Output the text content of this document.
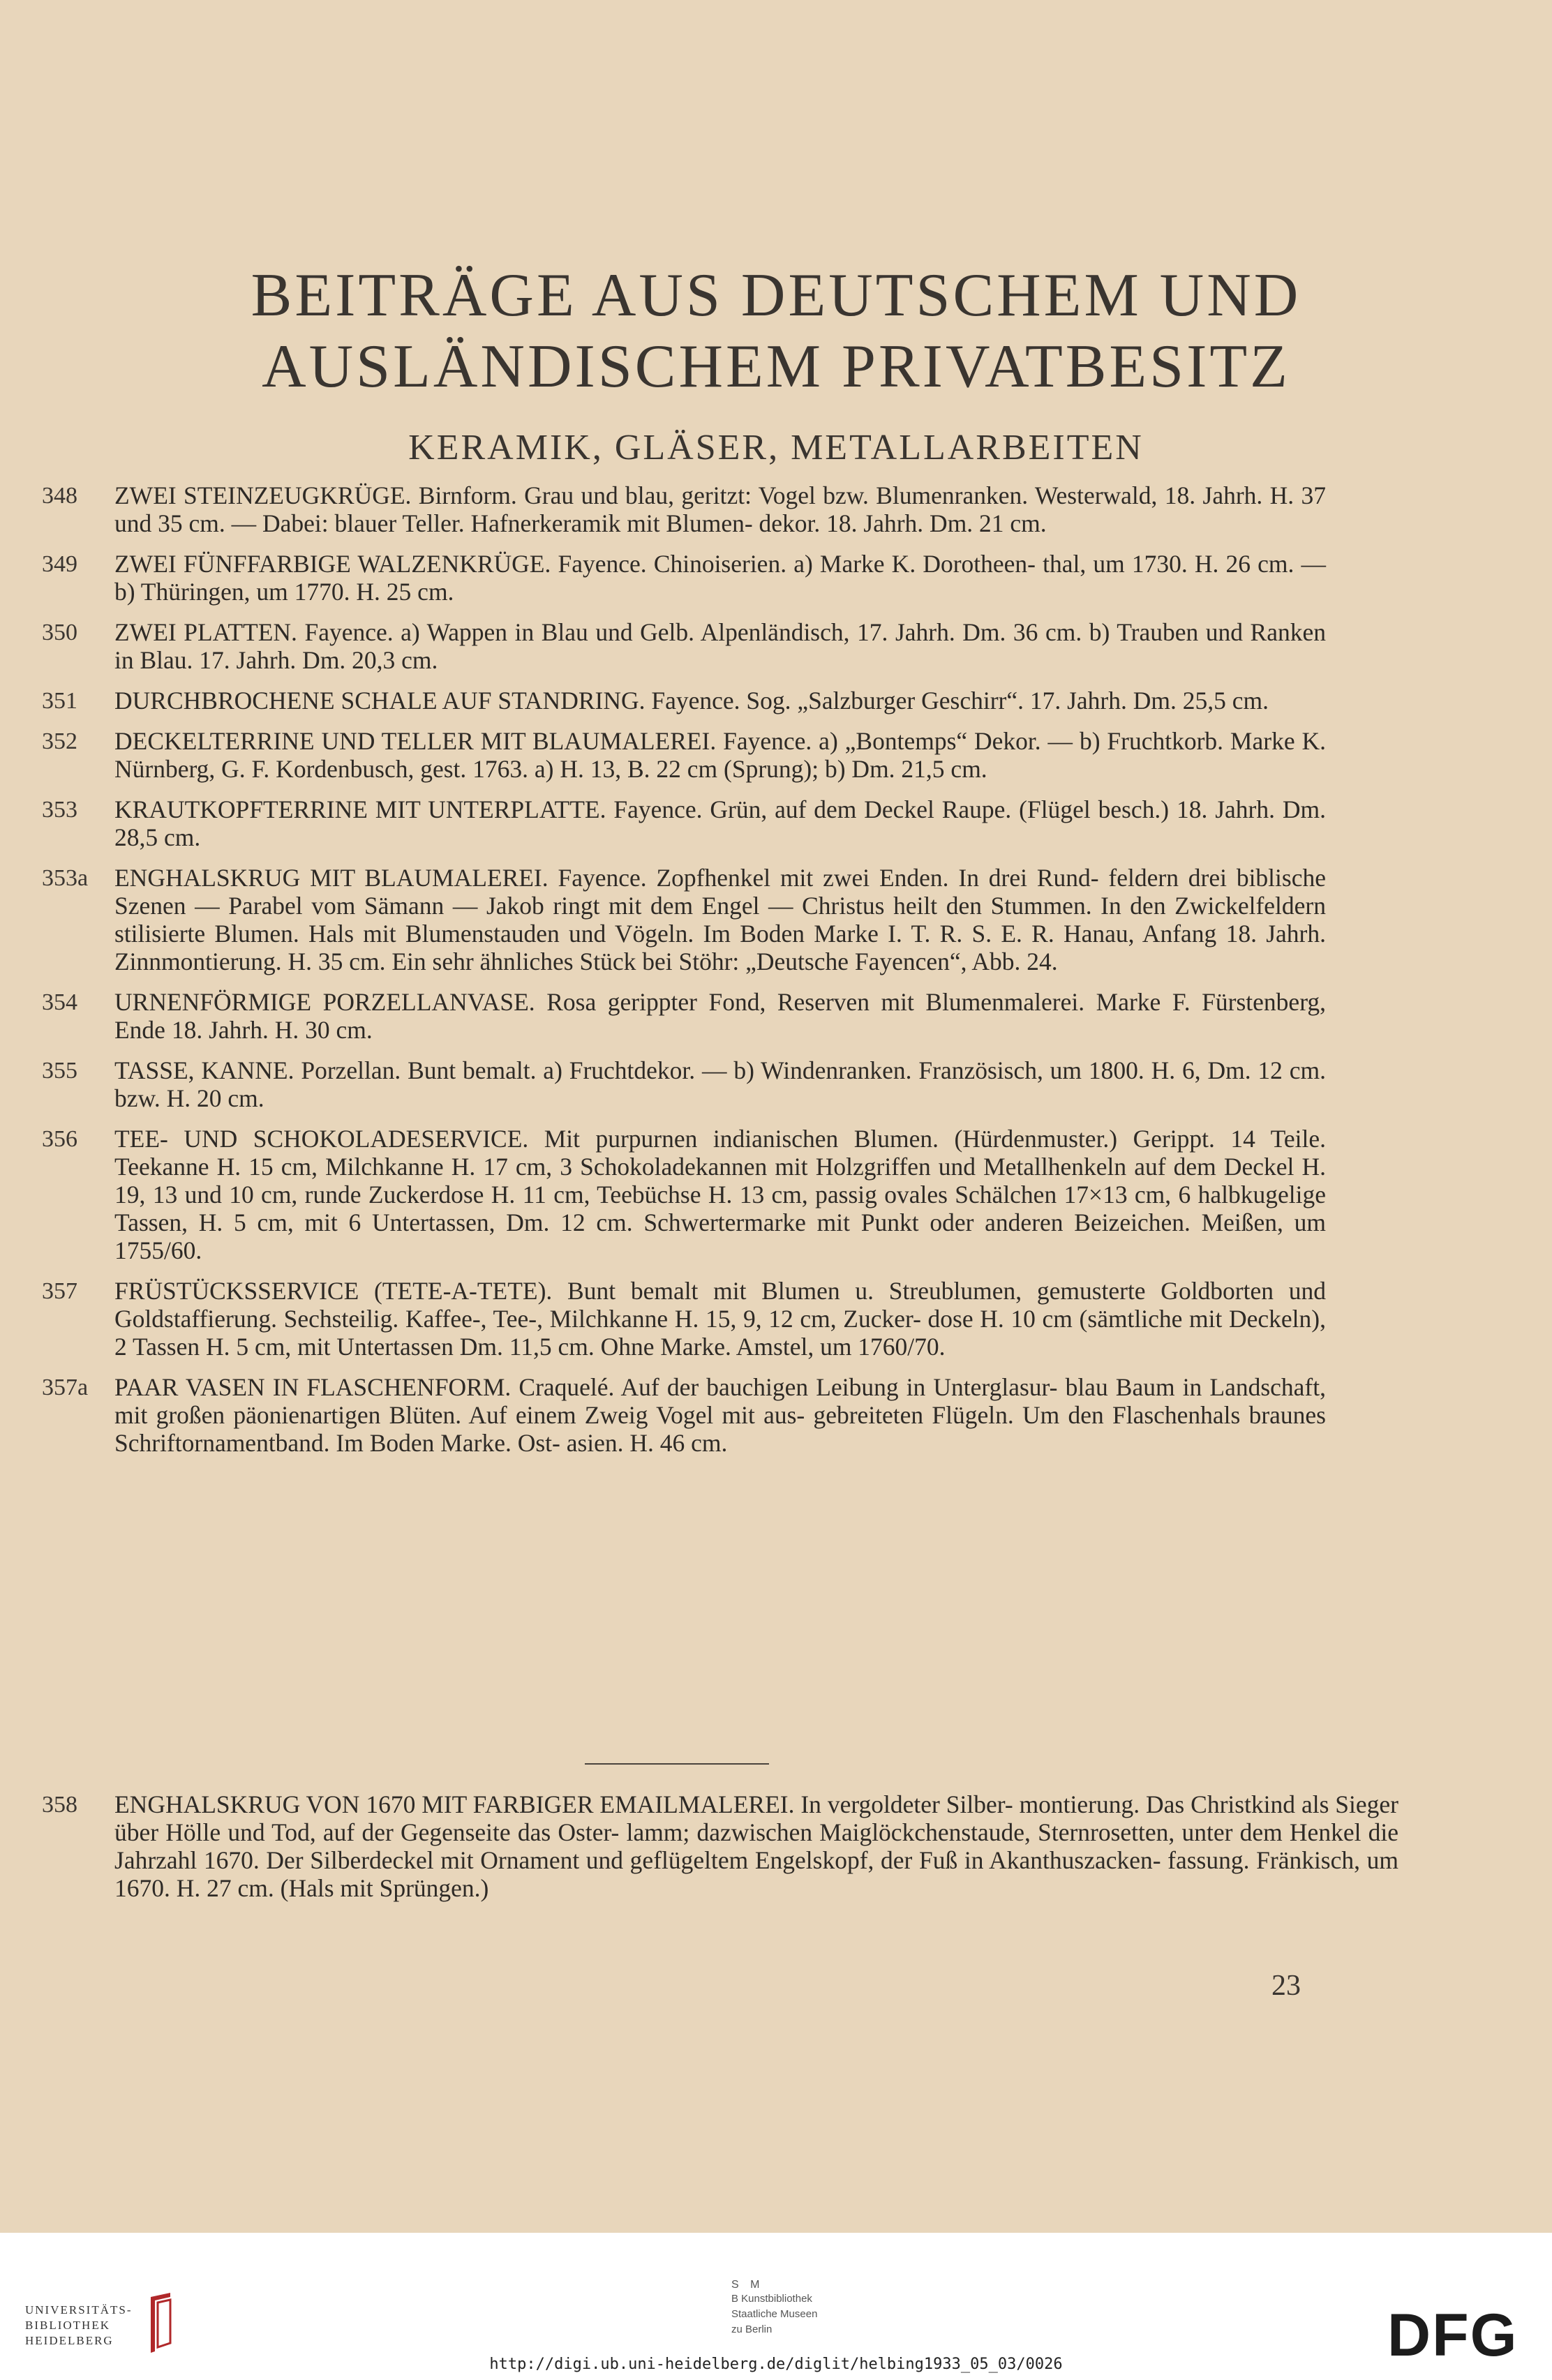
BEITRÄGE AUS DEUTSCHEM UND
AUSLÄNDISCHEM PRIVATBESITZ
KERAMIK, GLÄSER, METALLARBEITEN
348	ZWEI STEINZEUGKRÜGE. Birnform. Grau und blau, geritzt: Vogel bzw. Blumenranken. Westerwald, 18. Jahrh. H. 37 und 35 cm. — Dabei: blauer Teller. Hafnerkeramik mit Blumen- dekor. 18. Jahrh. Dm. 21 cm.
349	ZWEI FÜNFFARBIGE WALZENKRÜGE. Fayence. Chinoiserien. a) Marke K. Dorotheen- thal, um 1730. H. 26 cm. — b) Thüringen, um 1770. H. 25 cm.
350	ZWEI PLATTEN. Fayence. a) Wappen in Blau und Gelb. Alpenländisch, 17. Jahrh. Dm. 36 cm. b) Trauben und Ranken in Blau. 17. Jahrh. Dm. 20,3 cm.
351	DURCHBROCHENE SCHALE AUF STANDRING. Fayence. Sog. „Salzburger Geschirr“. 17. Jahrh. Dm. 25,5 cm.
352	DECKELTERRINE UND TELLER MIT BLAUMALEREI. Fayence. a) „Bontemps“ Dekor. — b) Fruchtkorb. Marke K. Nürnberg, G. F. Kordenbusch, gest. 1763. a) H. 13, B. 22 cm (Sprung); b) Dm. 21,5 cm.
353	KRAUTKOPFTERRINE MIT UNTERPLATTE. Fayence. Grün, auf dem Deckel Raupe. (Flügel besch.) 18. Jahrh. Dm. 28,5 cm.
353a	ENGHALSKRUG MIT BLAUMALEREI. Fayence. Zopfhenkel mit zwei Enden. In drei Rund- feldern drei biblische Szenen — Parabel vom Sämann — Jakob ringt mit dem Engel — Christus heilt den Stummen. In den Zwickelfeldern stilisierte Blumen. Hals mit Blumenstauden und Vögeln. Im Boden Marke I. T. R. S. E. R. Hanau, Anfang 18. Jahrh. Zinnmontierung. H. 35 cm. Ein sehr ähnliches Stück bei Stöhr: „Deutsche Fayencen“, Abb. 24.
354	URNENFÖRMIGE PORZELLANVASE. Rosa gerippter Fond, Reserven mit Blumenmalerei. Marke F. Fürstenberg, Ende 18. Jahrh. H. 30 cm.
355	TASSE, KANNE. Porzellan. Bunt bemalt. a) Fruchtdekor. — b) Windenranken. Französisch, um 1800. H. 6, Dm. 12 cm. bzw. H. 20 cm.
356	TEE- UND SCHOKOLADESERVICE. Mit purpurnen indianischen Blumen. (Hürdenmuster.) Gerippt. 14 Teile. Teekanne H. 15 cm, Milchkanne H. 17 cm, 3 Schokoladekannen mit Holzgriffen und Metallhenkeln auf dem Deckel H. 19, 13 und 10 cm, runde Zuckerdose H. 11 cm, Teebüchse H. 13 cm, passig ovales Schälchen 17×13 cm, 6 halbkugelige Tassen, H. 5 cm, mit 6 Untertassen, Dm. 12 cm. Schwertermarke mit Punkt oder anderen Beizeichen. Meißen, um 1755/60.
357	FRÜSTÜCKSSERVICE (TETE-A-TETE). Bunt bemalt mit Blumen u. Streublumen, gemusterte Goldborten und Goldstaffierung. Sechsteilig. Kaffee-, Tee-, Milchkanne H. 15, 9, 12 cm, Zucker- dose H. 10 cm (sämtliche mit Deckeln), 2 Tassen H. 5 cm, mit Untertassen Dm. 11,5 cm. Ohne Marke. Amstel, um 1760/70.
357a	PAAR VASEN IN FLASCHENFORM. Craquelé. Auf der bauchigen Leibung in Unterglasur- blau Baum in Landschaft, mit großen päonienartigen Blüten. Auf einem Zweig Vogel mit aus- gebreiteten Flügeln. Um den Flaschenhals braunes Schriftornamentband. Im Boden Marke. Ost- asien. H. 46 cm.
358	ENGHALSKRUG VON 1670 MIT FARBIGER EMAILMALEREI. In vergoldeter Silber- montierung. Das Christkind als Sieger über Hölle und Tod, auf der Gegenseite das Oster- lamm; dazwischen Maiglöckchenstaude, Sternrosetten, unter dem Henkel die Jahrzahl 1670. Der Silberdeckel mit Ornament und geflügeltem Engelskopf, der Fuß in Akanthuszacken- fassung. Fränkisch, um 1670. H. 27 cm. (Hals mit Sprüngen.)
23
UNIVERSITÄTS-
BIBLIOTHEK
HEIDELBERG
S M
B Kunstbibliothek
Staatliche Museen
zu Berlin	DFG
http://digi.ub.uni-heidelberg.de/diglit/helbing1933_05_03/0026
